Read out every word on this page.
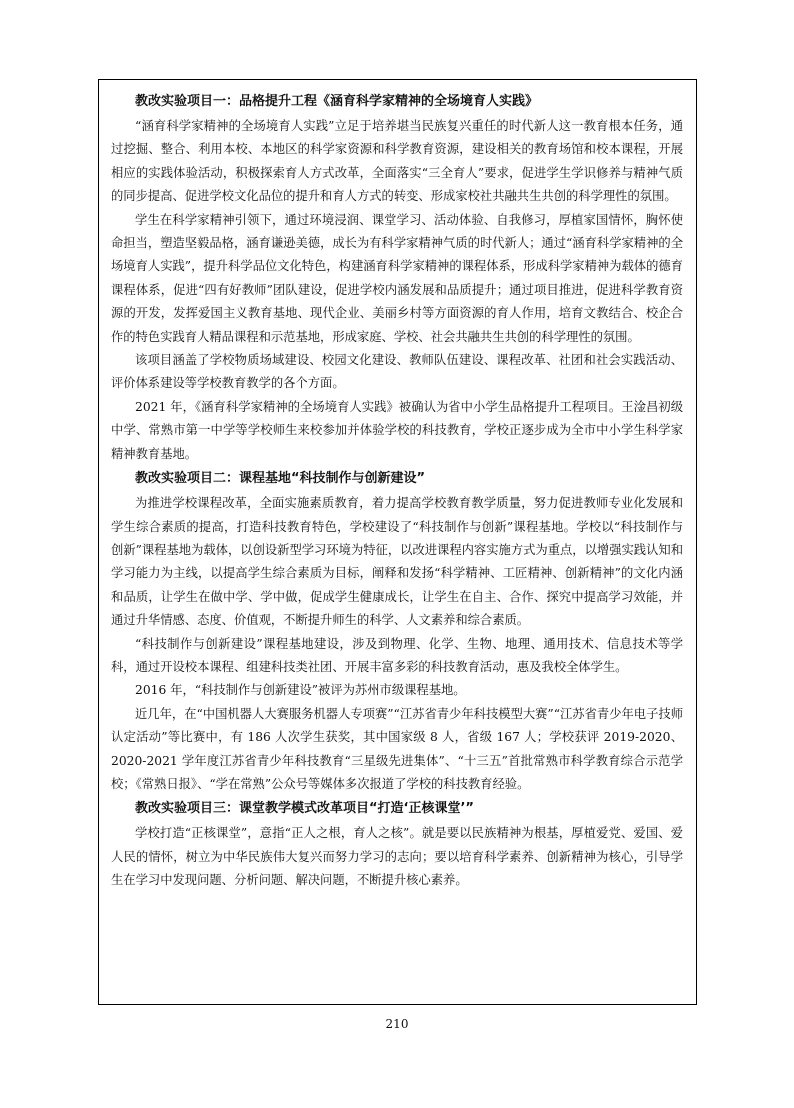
教改实验项目一：品格提升工程《涵育科学家精神的全场境育人实践》

“涵育科学家精神的全场境育人实践”立足于培养堪当民族复兴重任的时代新人这一教育根本任务，通过挖掘、整合、利用本校、本地区的科学家资源和科学教育资源，建设相关的教育场馆和校本课程，开展相应的实践体验活动，积极探索育人方式改革，全面落实“三全育人”要求，促进学生学识修养与精神气质的同步提高、促进学校文化品位的提升和育人方式的转变、形成家校社共融共生共创的科学理性的氛围。

学生在科学家精神引领下，通过环境浸润、课堂学习、活动体验、自我修习，厚植家国情怀，胸怀使命担当，塑造坚毅品格，涵育谦逊美德，成长为有科学家精神气质的时代新人；通过“涵育科学家精神的全场境育人实践”，提升科学品位文化特色，构建涵育科学家精神的课程体系，形成科学家精神为载体的德育课程体系，促进“四有好教师”团队建设，促进学校内涵发展和品质提升；通过项目推进，促进科学教育资源的开发，发挥爱国主义教育基地、现代企业、美丽乡村等方面资源的育人作用，培育文教结合、校企合作的特色实践育人精品课程和示范基地，形成家庭、学校、社会共融共生共创的科学理性的氛围。

该项目涵盖了学校物质场域建设、校园文化建设、教师队伍建设、课程改革、社团和社会实践活动、评价体系建设等学校教育教学的各个方面。

2021 年，《涵育科学家精神的全场境育人实践》被确认为省中小学生品格提升工程项目。王淦昌初级中学、常熟市第一中学等学校师生来校参加并体验学校的科技教育，学校正逐步成为全市中小学生科学家精神教育基地。

教改实验项目二：课程基地“科技制作与创新建设”

为推进学校课程改革，全面实施素质教育，着力提高学校教育教学质量，努力促进教师专业化发展和学生综合素质的提高，打造科技教育特色，学校建设了“科技制作与创新”课程基地。学校以“科技制作与创新”课程基地为载体，以创设新型学习环境为特征，以改进课程内容实施方式为重点，以增强实践认知和学习能力为主线，以提高学生综合素质为目标，阐释和发扬“科学精神、工匠精神、创新精神”的文化内涵和品质，让学生在做中学、学中做，促成学生健康成长，让学生在自主、合作、探究中提高学习效能，并通过升华情感、态度、价值观，不断提升师生的科学、人文素养和综合素质。

“科技制作与创新建设”课程基地建设，涉及到物理、化学、生物、地理、通用技术、信息技术等学科，通过开设校本课程、组建科技类社团、开展丰富多彩的科技教育活动，惠及我校全体学生。

2016 年，“科技制作与创新建设”被评为苏州市级课程基地。

近几年，在“中国机器人大赛服务机器人专项赛”“江苏省青少年科技模型大赛”“江苏省青少年电子技师认定活动”等比赛中，有 186 人次学生获奖，其中国家级 8 人，省级 167 人；学校获评 2019-2020、2020-2021 学年度江苏省青少年科技教育“三星级先进集体”、“十三五”首批常熟市科学教育综合示范学校；《常熟日报》、“学在常熟”公众号等媒体多次报道了学校的科技教育经验。

教改实验项目三：课堂教学模式改革项目“打造‘正核课堂’”

学校打造“正核课堂”，意指“正人之根，育人之核”。就是要以民族精神为根基，厚植爱党、爱国、爱人民的情怀，树立为中华民族伟大复兴而努力学习的志向；要以培育科学素养、创新精神为核心，引导学生在学习中发现问题、分析问题、解决问题，不断提升核心素养。

210
